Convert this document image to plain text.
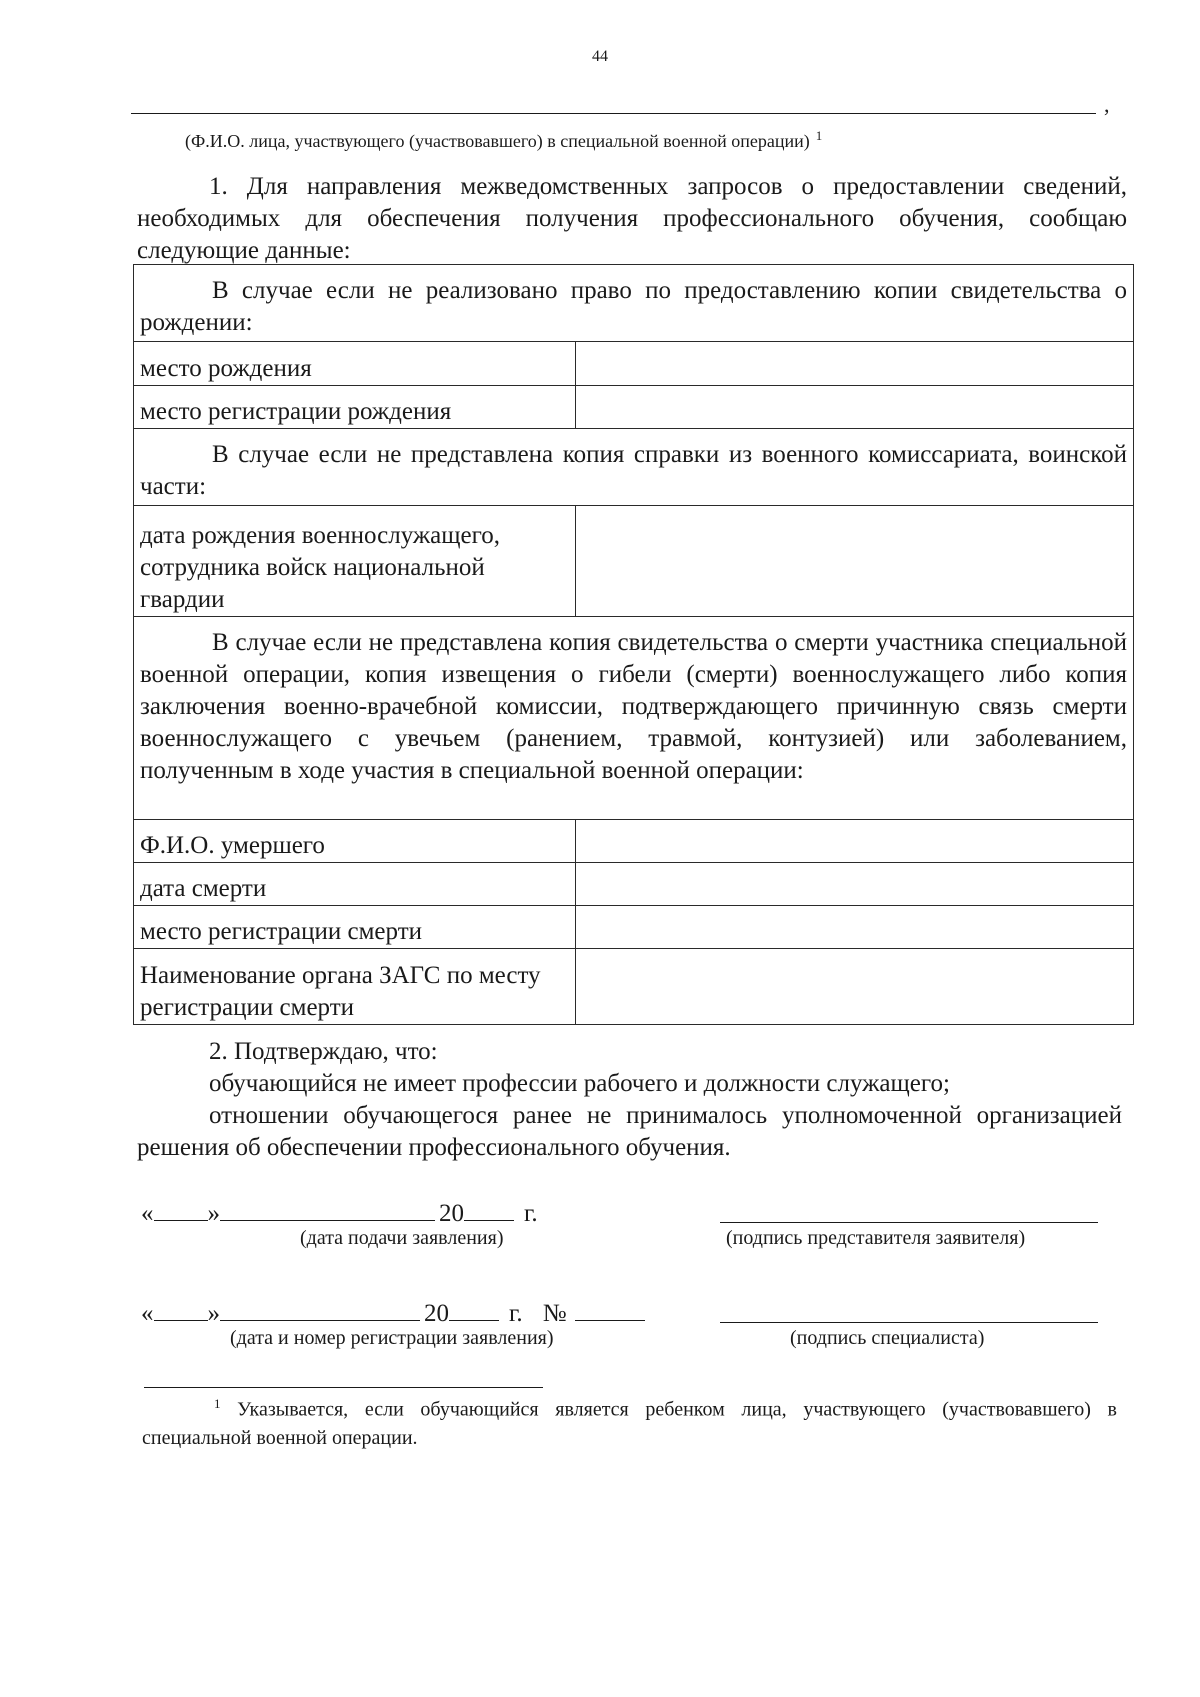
44
,
(Ф.И.О. лица, участвующего (участвовавшего) в специальной военной операции) $^1$
1. Для направления межведомственных запросов о предоставлении сведений, необходимых для обеспечения получения профессионального обучения, сообщаю следующие данные:
В случае если не реализовано право по предоставлению копии свидетельства о рождении:	

место рождения	
место регистрации рождения	

В случае если не представлена копия справки из военного комиссариата, воинской части:	

дата рождения военнослужащего, сотрудника войск национальной гвардии	

В случае если не представлена копия свидетельства о смерти участника специальной военной операции, копия извещения о гибели (смерти) военнослужащего либо копия заключения военно-врачебной комиссии, подтверждающего причинную связь смерти военнослужащего с увечьем (ранением, травмой, контузией) или заболеванием, полученным в ходе участия в специальной военной операции:	

Ф.И.О. умершего	
дата смерти	
место регистрации смерти	
Наименование органа ЗАГС по месту регистрации смерти	
2. Подтверждаю, что:
обучающийся не имеет профессии рабочего и должности служащего;
отношении обучающегося ранее не принималось уполномоченной организацией решения об обеспечении профессионального обучения.
« »	20 г.
(дата подачи заявления)	(подпись представителя заявителя)
« »	20 г. №
(дата и номер регистрации заявления)	(подпись специалиста)
$^1$ Указывается, если обучающийся является ребенком лица, участвующего (участвовавшего) в специальной военной операции.
